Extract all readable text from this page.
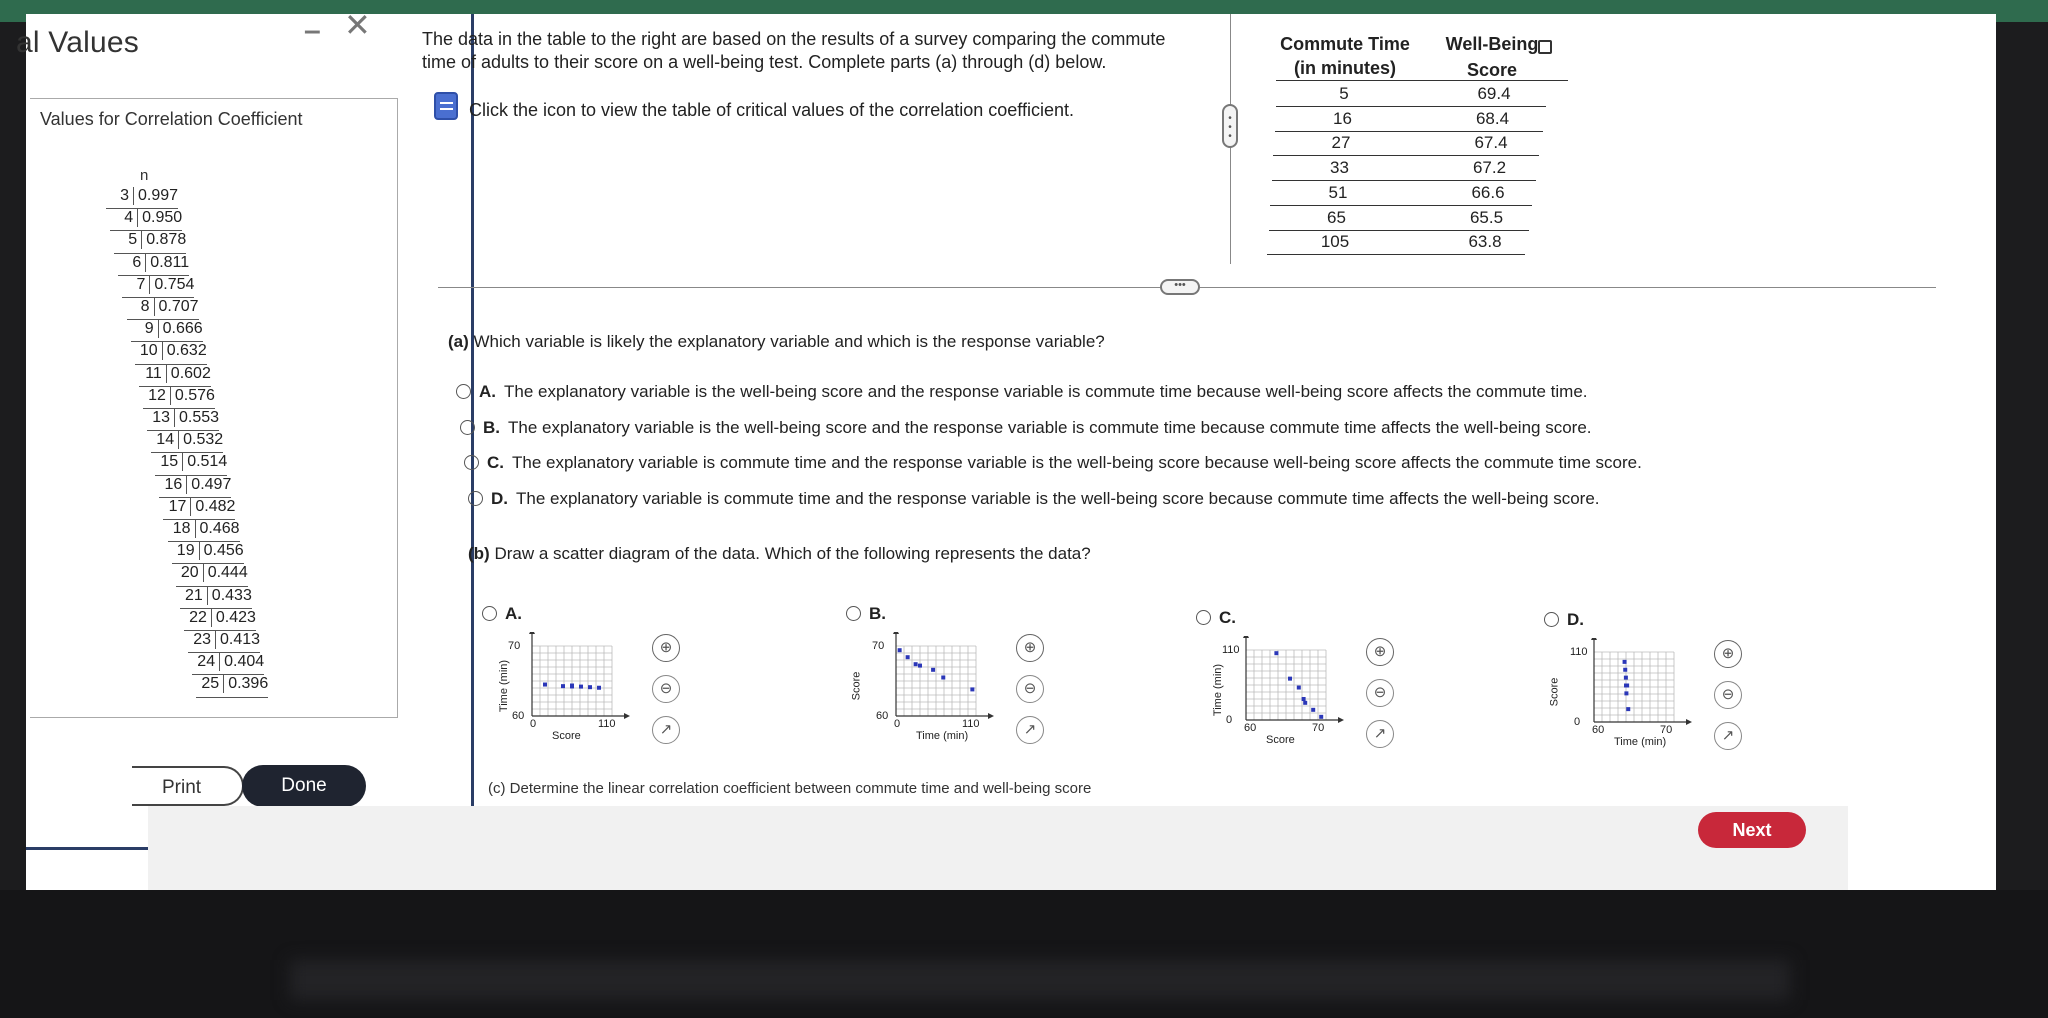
al Values	– ✕
Values for Correlation Coefficient
n
3 0.997
4 0.950
5 0.878
6 0.811
7 0.754
8 0.707
9 0.666
10 0.632
11 0.602
12 0.576
13 0.553
14 0.532
15 0.514
16 0.497
17 0.482
18 0.468
19 0.456
20 0.444
21 0.433
22 0.423
23 0.413
24 0.404
25 0.396
Print	Done
The data in the table to the right are based on the results of a survey comparing the commute time of adults to their score on a well-being test. Complete parts (a) through (d) below.
Click the icon to view the table of critical values of the correlation coefficient.	•
•
•
•••
Commute Time
(in minutes)
Well-Being
Score
5	69.4
16	68.4
27	67.4
33	67.2
51	66.6
65	65.5
105	63.8
(a) Which variable is likely the explanatory variable and which is the response variable?
A. The explanatory variable is the well-being score and the response variable is commute time because well-being score affects the commute time.
B. The explanatory variable is the well-being score and the response variable is commute time because commute time affects the well-being score.
C. The explanatory variable is commute time and the response variable is the well-being score because well-being score affects the commute time score.
D. The explanatory variable is commute time and the response variable is the well-being score because commute time affects the well-being score.
(b) Draw a scatter diagram of the data. Which of the following represents the data?
A.
70
60
0	110
Score
Time (min)
⊕
⊖
↗
B.
70
60
0	110
Time (min)
Score
⊕
⊖
↗
C.
110
0
60	70
Score
Time (min)
⊕
⊖
↗
D.
110
0
60	70
Time (min)
Score
⊕
⊖
↗
(c) Determine the linear correlation coefficient between commute time and well-being score
Next
